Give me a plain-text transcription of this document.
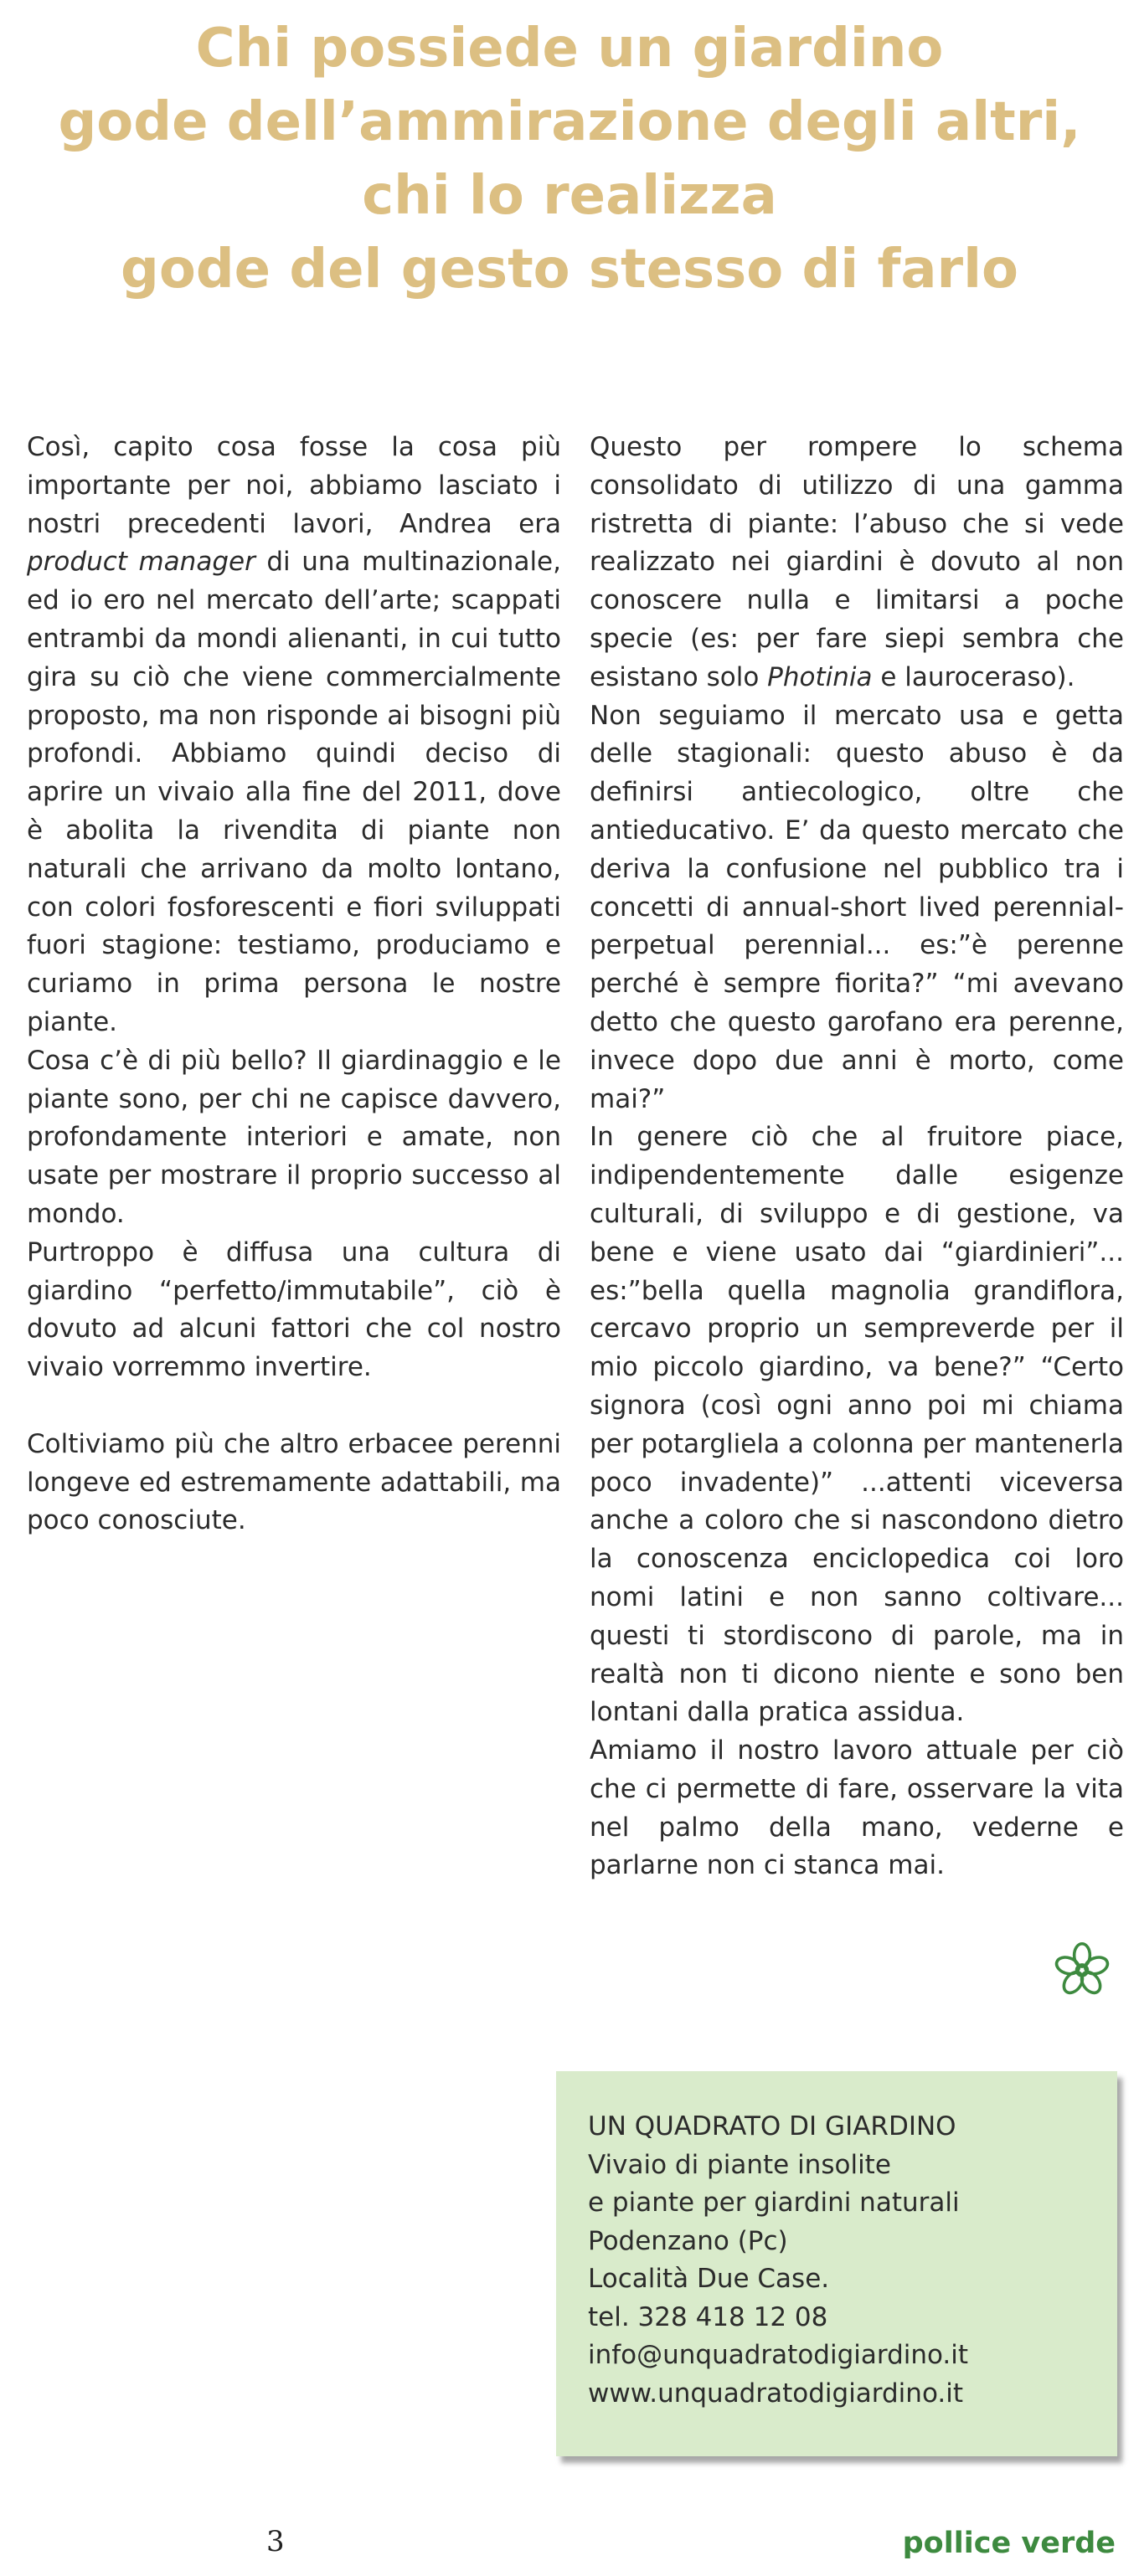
Chi possiede un giardino
gode dell’ammirazione degli altri,
chi lo realizza
gode del gesto stesso di farlo

Così, capito cosa fosse la cosa più importante per noi, abbiamo lasciato i nostri precedenti lavori, Andrea era product manager di una multinazionale, ed io ero nel mercato dell’arte; scappati entrambi da mondi alienanti, in cui tutto gira su ciò che viene commercialmente proposto, ma non risponde ai bisogni più profondi. Abbiamo quindi deciso di aprire un vivaio alla fine del 2011, dove è abolita la rivendita di piante non naturali che arrivano da molto lontano, con colori fosforescenti e fiori sviluppati fuori stagione: testiamo, produciamo e curiamo in prima persona le nostre piante.

Cosa c’è di più bello? Il giardinaggio e le piante sono, per chi ne capisce davvero, profondamente interiori e amate, non usate per mostrare il proprio successo al mondo.

Purtroppo è diffusa una cultura di giardino “perfetto/immutabile”, ciò è dovuto ad alcuni fattori che col nostro vivaio vorremmo invertire.

Coltiviamo più che altro erbacee perenni longeve ed estremamente adattabili, ma poco conosciute.

Questo per rompere lo schema consolidato di utilizzo di una gamma ristretta di piante: l’abuso che si vede realizzato nei giardini è dovuto al non conoscere nulla e limitarsi a poche specie (es: per fare siepi sembra che esistano solo Photinia e lauroceraso).

Non seguiamo il mercato usa e getta delle stagionali: questo abuso è da definirsi antiecologico, oltre che antieducativo. E’ da questo mercato che deriva la confusione nel pubblico tra i concetti di annual-short lived perennial-perpetual perennial... es:”è perenne perché è sempre fiorita?” “mi avevano detto che questo garofano era perenne, invece dopo due anni è morto, come mai?”

In genere ciò che al fruitore piace, indipendentemente dalle esigenze culturali, di sviluppo e di gestione, va bene e viene usato dai “giardinieri”... es:”bella quella magnolia grandiflora, cercavo proprio un sempreverde per il mio piccolo giardino, va bene?” “Certo signora (così ogni anno poi mi chiama per potargliela a colonna per mantenerla poco invadente)” ...attenti viceversa anche a coloro che si nascondono dietro la conoscenza enciclopedica coi loro nomi latini e non sanno coltivare... questi ti stordiscono di parole, ma in realtà non ti dicono niente e sono ben lontani dalla pratica assidua.

Amiamo il nostro lavoro attuale per ciò che ci permette di fare, osservare la vita nel palmo della mano, vederne e parlarne non ci stanca mai.

UN QUADRATO DI GIARDINO
Vivaio di piante insolite
e piante per giardini naturali
Podenzano (Pc)
Località Due Case.
tel. 328 418 12 08
info@unquadratodigiardino.it
www.unquadratodigiardino.it
3	pollice verde
